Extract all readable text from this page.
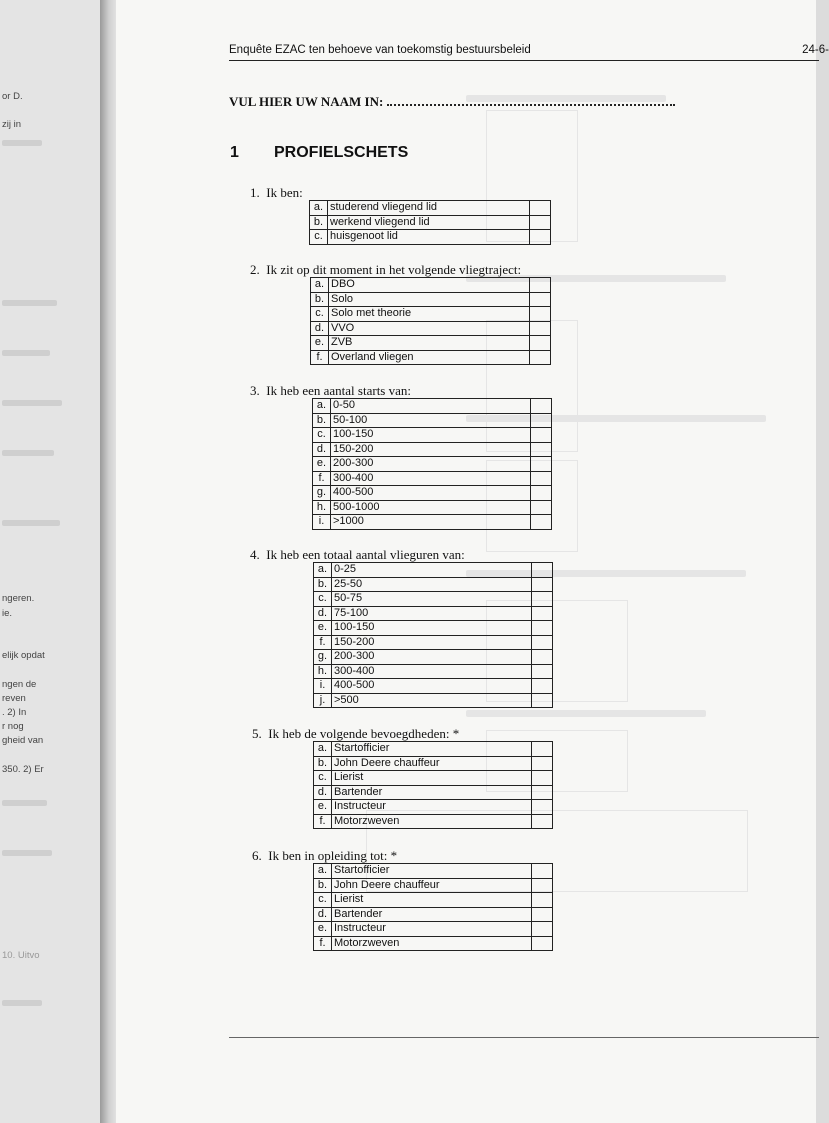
or D.
zij in
ngeren.
ie.
elijk opdat
ngen de
reven
. 2) In
r nog
gheid van
350. 2) Er
10. Uitvo
Enquête EZAC ten behoeve van toekomstig bestuursbeleid	24-6-
VUL HIER UW NAAM IN:
1 PROFIELSCHETS
1. Ik ben:
a.	studerend vliegend lid	
b.	werkend vliegend lid	
c.	huisgenoot lid	
2. Ik zit op dit moment in het volgende vliegtraject:
a.	DBO	
b.	Solo	
c.	Solo met theorie	
d.	VVO	
e.	ZVB	
f.	Overland vliegen	
3. Ik heb een aantal starts van:
a.	0-50	
b.	50-100	
c.	100-150	
d.	150-200	
e.	200-300	
f.	300-400	
g.	400-500	
h.	500-1000	
i.	>1000	
4. Ik heb een totaal aantal vlieguren van:
a.	0-25	
b.	25-50	
c.	50-75	
d.	75-100	
e.	100-150	
f.	150-200	
g.	200-300	
h.	300-400	
i.	400-500	
j.	>500	
5. Ik heb de volgende bevoegdheden: *
a.	Startofficier	
b.	John Deere chauffeur	
c.	Lierist	
d.	Bartender	
e.	Instructeur	
f.	Motorzweven	
6. Ik ben in opleiding tot: *
a.	Startofficier	
b.	John Deere chauffeur	
c.	Lierist	
d.	Bartender	
e.	Instructeur	
f.	Motorzweven	
